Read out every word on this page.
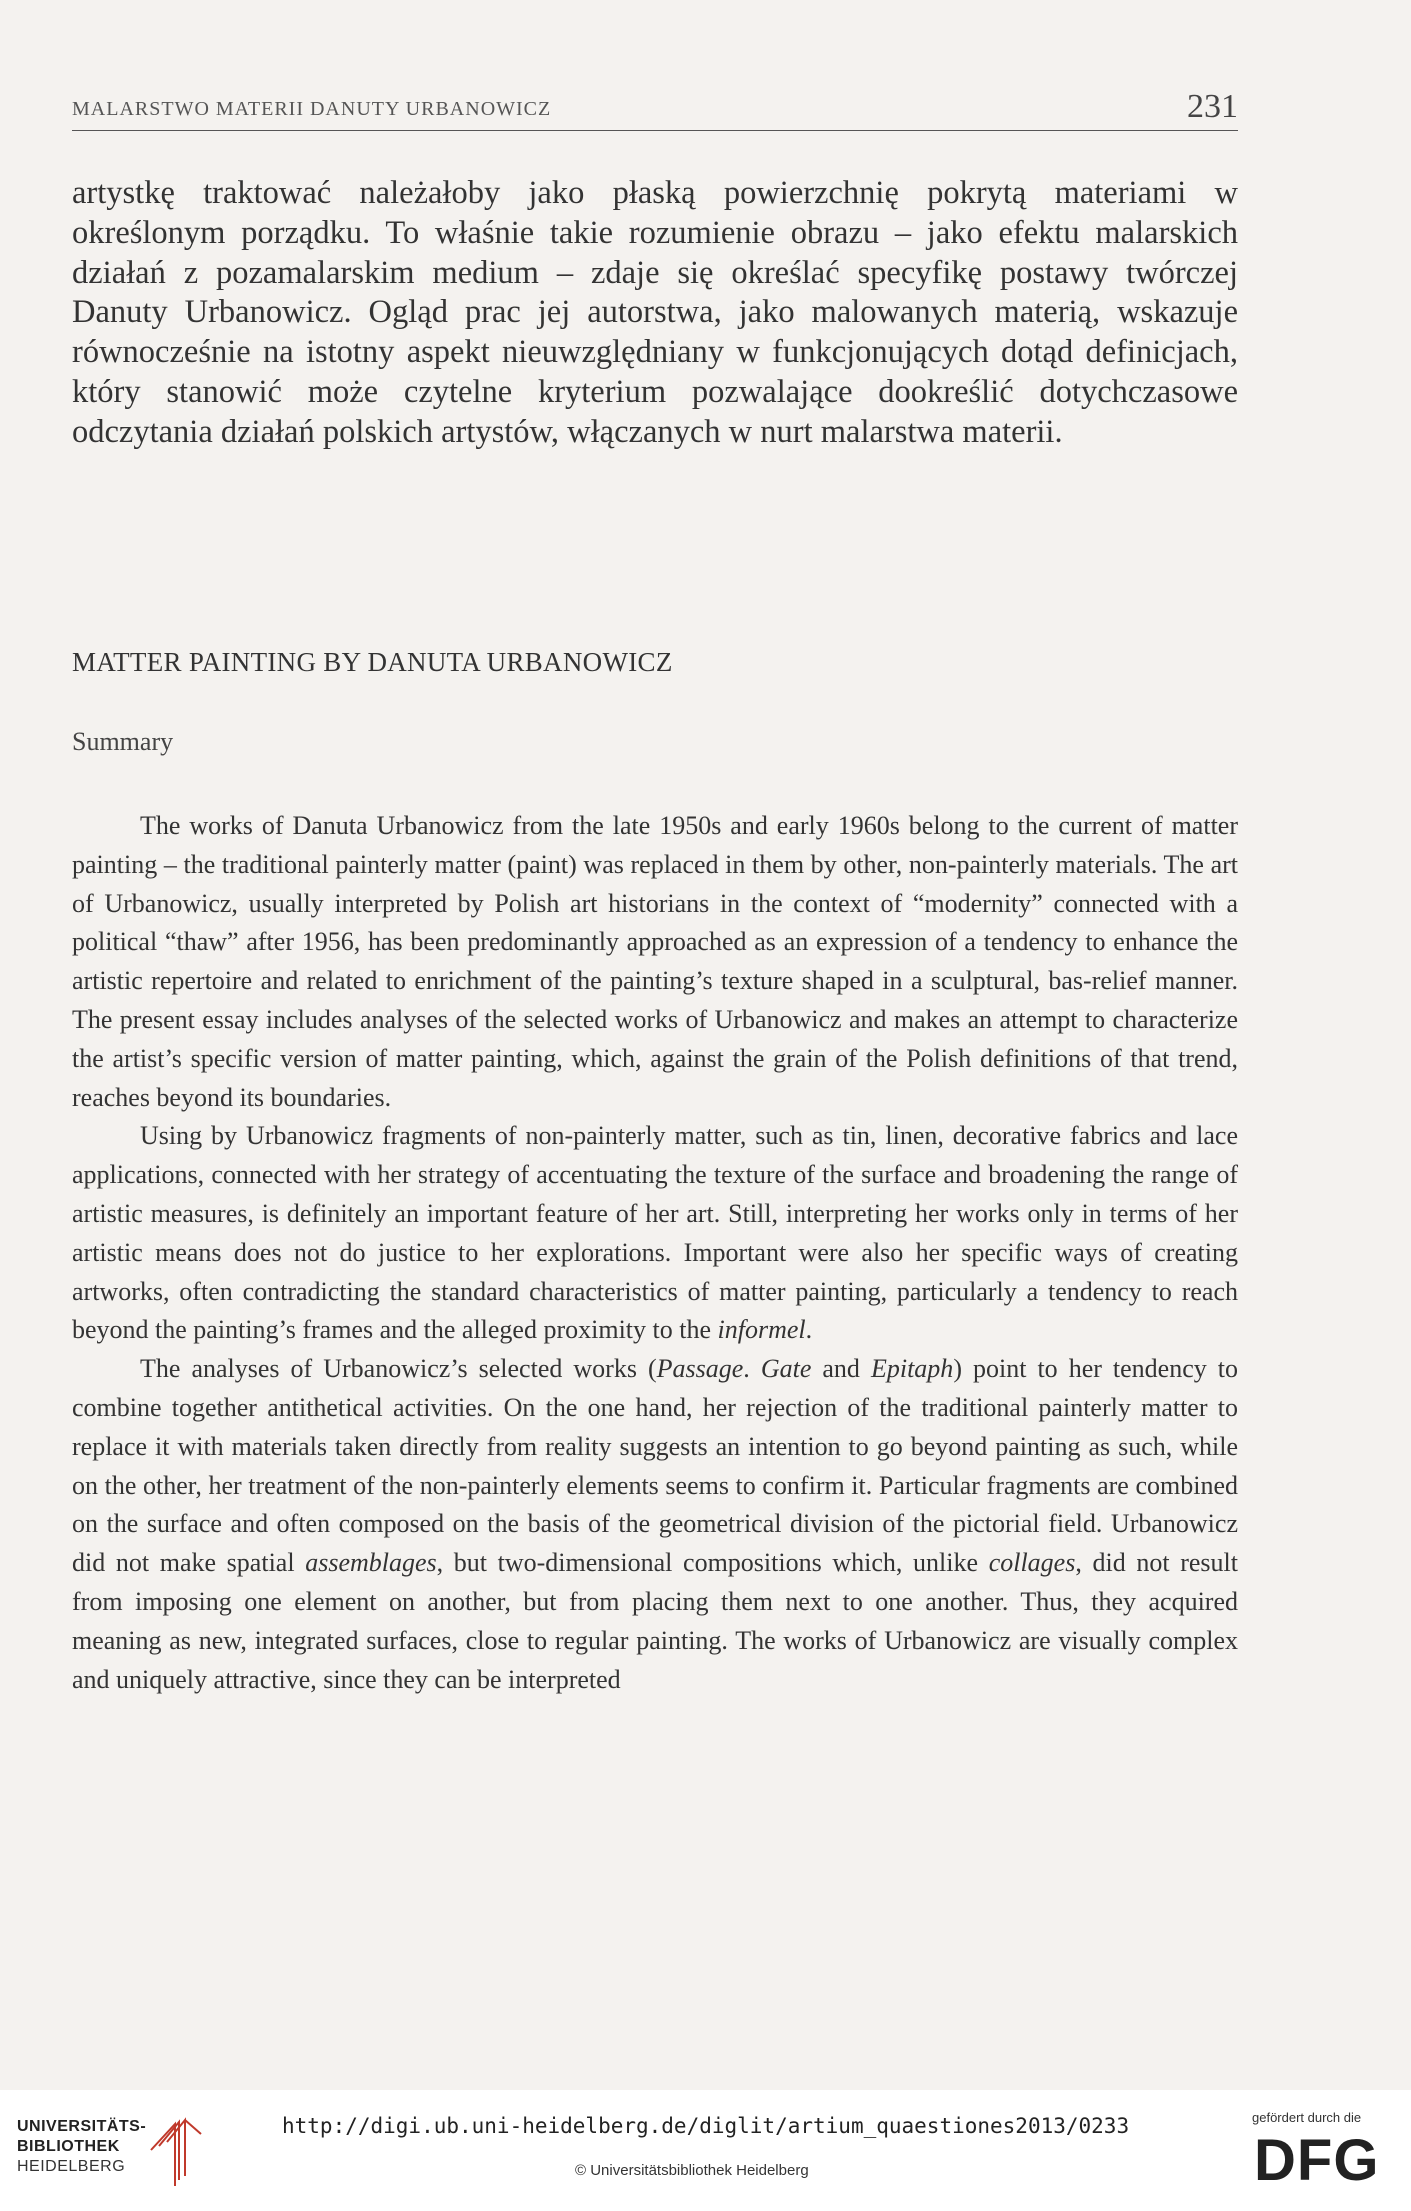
MALARSTWO MATERII DANUTY URBANOWICZ	231

artystkę traktować należałoby jako płaską powierzchnię pokrytą materiami w określonym porządku. To właśnie takie rozumienie obrazu – jako efektu malarskich działań z pozamalarskim medium – zdaje się określać specyfikę postawy twórczej Danuty Urbanowicz. Ogląd prac jej autorstwa, jako malowanych materią, wskazuje równocześnie na istotny aspekt nieuwzględniany w funkcjonujących dotąd definicjach, który stanowić może czytelne kryterium pozwalające dookreślić dotychczasowe odczytania działań polskich artystów, włączanych w nurt malarstwa materii.

MATTER PAINTING BY DANUTA URBANOWICZ
Summary

The works of Danuta Urbanowicz from the late 1950s and early 1960s belong to the current of matter painting – the traditional painterly matter (paint) was replaced in them by other, non-painterly materials. The art of Urbanowicz, usually interpreted by Polish art historians in the context of “modernity” connected with a political “thaw” after 1956, has been predominantly approached as an expression of a tendency to enhance the artistic repertoire and related to enrichment of the painting’s texture shaped in a sculptural, bas-relief manner. The present essay includes analyses of the selected works of Urbanowicz and makes an attempt to characterize the artist’s specific version of matter painting, which, against the grain of the Polish definitions of that trend, reaches beyond its boundaries.

Using by Urbanowicz fragments of non-painterly matter, such as tin, linen, decorative fabrics and lace applications, connected with her strategy of accentuating the texture of the surface and broadening the range of artistic measures, is definitely an important feature of her art. Still, interpreting her works only in terms of her artistic means does not do justice to her explorations. Important were also her specific ways of creating artworks, often contradicting the standard characteristics of matter painting, particularly a tendency to reach beyond the painting’s frames and the alleged proximity to the informel.

The analyses of Urbanowicz’s selected works (Passage. Gate and Epitaph) point to her tendency to combine together antithetical activities. On the one hand, her rejection of the traditional painterly matter to replace it with materials taken directly from reality suggests an intention to go beyond painting as such, while on the other, her treatment of the non-painterly elements seems to confirm it. Particular fragments are combined on the surface and often composed on the basis of the geometrical division of the pictorial field. Urbanowicz did not make spatial assemblages, but two-dimensional compositions which, unlike collages, did not result from imposing one element on another, but from placing them next to one another. Thus, they acquired meaning as new, integrated surfaces, close to regular painting. The works of Urbanowicz are visually complex and uniquely attractive, since they can be interpreted

UNIVERSITÄTS-
BIBLIOTHEK
HEIDELBERG
http://digi.ub.uni-heidelberg.de/diglit/artium_quaestiones2013/0233
© Universitätsbibliothek Heidelberg
gefördert durch die
DFG
